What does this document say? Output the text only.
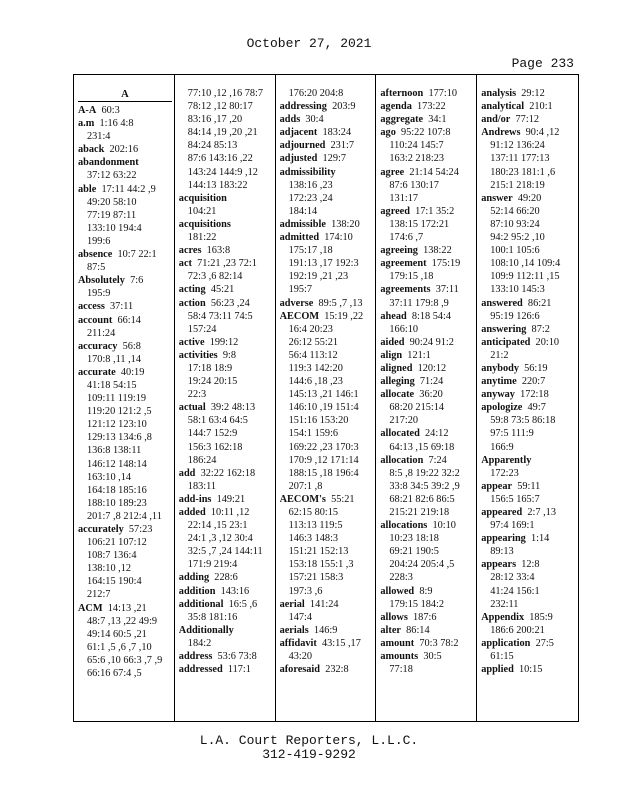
October 27, 2021
Page 233
A
A-A 60:3
a.m 1:16 4:8
231:4
aback 202:16
abandonment
37:12 63:22
able 17:11 44:2 ,9
49:20 58:10
77:19 87:11
133:10 194:4
199:6
absence 10:7 22:1
87:5
Absolutely 7:6
195:9
access 37:11
account 66:14
211:24
accuracy 56:8
170:8 ,11 ,14
accurate 40:19
41:18 54:15
109:11 119:19
119:20 121:2 ,5
121:12 123:10
129:13 134:6 ,8
136:8 138:11
146:12 148:14
163:10 ,14
164:18 185:16
188:10 189:23
201:7 ,8 212:4 ,11
accurately 57:23
106:21 107:12
108:7 136:4
138:10 ,12
164:15 190:4
212:7
ACM 14:13 ,21
48:7 ,13 ,22 49:9
49:14 60:5 ,21
61:1 ,5 ,6 ,7 ,10
65:6 ,10 66:3 ,7 ,9
66:16 67:4 ,5
77:10 ,12 ,16 78:7
78:12 ,12 80:17
83:16 ,17 ,20
84:14 ,19 ,20 ,21
84:24 85:13
87:6 143:16 ,22
143:24 144:9 ,12
144:13 183:22
acquisition
104:21
acquisitions
181:22
acres 163:8
act 71:21 ,23 72:1
72:3 ,6 82:14
acting 45:21
action 56:23 ,24
58:4 73:11 74:5
157:24
active 199:12
activities 9:8
17:18 18:9
19:24 20:15
22:3
actual 39:2 48:13
58:1 63:4 64:5
144:7 152:9
156:3 162:18
186:24
add 32:22 162:18
183:11
add-ins 149:21
added 10:11 ,12
22:14 ,15 23:1
24:1 ,3 ,12 30:4
32:5 ,7 ,24 144:11
171:9 219:4
adding 228:6
addition 143:16
additional 16:5 ,6
35:8 181:16
Additionally
184:2
address 53:6 73:8
addressed 117:1
176:20 204:8
addressing 203:9
adds 30:4
adjacent 183:24
adjourned 231:7
adjusted 129:7
admissibility
138:16 ,23
172:23 ,24
184:14
admissible 138:20
admitted 174:10
175:17 ,18
191:13 ,17 192:3
192:19 ,21 ,23
195:7
adverse 89:5 ,7 ,13
AECOM 15:19 ,22
16:4 20:23
26:12 55:21
56:4 113:12
119:3 142:20
144:6 ,18 ,23
145:13 ,21 146:1
146:10 ,19 151:4
151:16 153:20
154:1 159:6
169:22 ,23 170:3
170:9 ,12 171:14
188:15 ,18 196:4
207:1 ,8
AECOM's 55:21
62:15 80:15
113:13 119:5
146:3 148:3
151:21 152:13
153:18 155:1 ,3
157:21 158:3
197:3 ,6
aerial 141:24
147:4
aerials 146:9
affidavit 43:15 ,17
43:20
aforesaid 232:8
afternoon 177:10
agenda 173:22
aggregate 34:1
ago 95:22 107:8
110:24 145:7
163:2 218:23
agree 21:14 54:24
87:6 130:17
131:17
agreed 17:1 35:2
138:15 172:21
174:6 ,7
agreeing 138:22
agreement 175:19
179:15 ,18
agreements 37:11
37:11 179:8 ,9
ahead 8:18 54:4
166:10
aided 90:24 91:2
align 121:1
aligned 120:12
alleging 71:24
allocate 36:20
68:20 215:14
217:20
allocated 24:12
64:13 ,15 69:18
allocation 7:24
8:5 ,8 19:22 32:2
33:8 34:5 39:2 ,9
68:21 82:6 86:5
215:21 219:18
allocations 10:10
10:23 18:18
69:21 190:5
204:24 205:4 ,5
228:3
allowed 8:9
179:15 184:2
allows 187:6
alter 86:14
amount 70:3 78:2
amounts 30:5
77:18
analysis 29:12
analytical 210:1
and/or 77:12
Andrews 90:4 ,12
91:12 136:24
137:11 177:13
180:23 181:1 ,6
215:1 218:19
answer 49:20
52:14 66:20
87:10 93:24
94:2 95:2 ,10
100:1 105:6
108:10 ,14 109:4
109:9 112:11 ,15
133:10 145:3
answered 86:21
95:19 126:6
answering 87:2
anticipated 20:10
21:2
anybody 56:19
anytime 220:7
anyway 172:18
apologize 49:7
59:8 73:5 86:18
97:5 111:9
166:9
Apparently
172:23
appear 59:11
156:5 165:7
appeared 2:7 ,13
97:4 169:1
appearing 1:14
89:13
appears 12:8
28:12 33:4
41:24 156:1
232:11
Appendix 185:9
186:6 200:21
application 27:5
61:15
applied 10:15
L.A. Court Reporters, L.L.C.
312-419-9292
